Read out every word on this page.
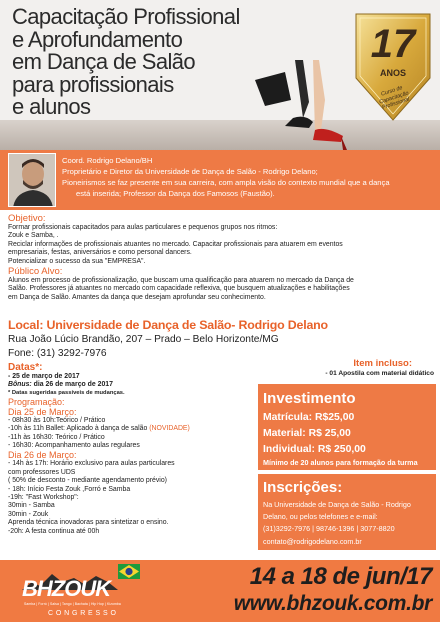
Capacitação Profissional
e Aprofundamento
em Dança de Salão
para profissionais
e alunos
17
ANOS
Curso de Capacitação Profissional
Coord. Rodrigo Delano/BH
Proprietário e Diretor da Universidade de Dança de Salão - Rodrigo Delano;
Pioneirismos se faz presente em sua carreira, com ampla visão do contexto mundial que a dança
está inserida; Professor da Dança dos Famosos (Faustão).
Objetivo:
Formar profissionais capacitados para aulas particulares e pequenos grupos nos ritmos:
Zouk e Samba, .
Reciclar informações de profissionais atuantes no mercado. Capacitar profissionais para atuarem em eventos
empresariais, festas, aniversários e como personal dancers.
Potencializar o sucesso da sua "EMPRESA".
Público Alvo:
Alunos em processo de profissionalização, que buscam uma qualificação para atuarem no mercado da Dança de
Salão. Professores já atuantes no mercado com capacidade reflexiva, que busquem atualizações e habilitações
em Dança de Salão. Amantes da dança que desejam aprofundar seu conhecimento.
Local: Universidade de Dança de Salão- Rodrigo Delano
Rua João Lúcio Brandão, 207 – Prado – Belo Horizonte/MG
Fone: (31) 3292-7976
Datas*:
- 25 de março de 2017
Bônus: dia 26 de março de 2017
* Datas sugeridas passíveis de mudanças.
Programação:
Dia 25 de Março:
- 08h30 às 10h:Teórico / Prático
-10h às 11h Ballet: Aplicado à dança de salão (NOVIDADE)
-11h às 16h30: Teórico / Prático
- 16h30: Acompanhamento aulas regulares
Dia 26 de Março:
- 14h às 17h: Horário exclusivo para aulas particulares
com professores UDS
( 50% de desconto - mediante agendamento prévio)
- 18h: Início Festa Zouk ,Forró e Samba
-19h: "Fast Workshop":
30min - Samba
30min - Zouk
Aprenda técnica inovadoras para sintetizar o ensino.
-20h: A festa continua até 00h
Item incluso:
- 01 Apostila com material didático
Investimento
Matrícula: R$25,00
Material: R$ 25,00
Individual: R$ 250,00
Mínimo de 20 alunos para formação da turma
Inscrições:
Na Universidade de Dança de Salão - Rodrigo
Delano, ou pelos telefones e e-mail:
(31)3292-7976 | 98746-1396 | 3077-8820
contato@rodrigodelano.com.br
BHZOUK
Samba | Forró | Salsa | Tango | Bachata | Hip Hop | Kizomba
CONGRESSO
14 a 18 de jun/17
www.bhzouk.com.br
